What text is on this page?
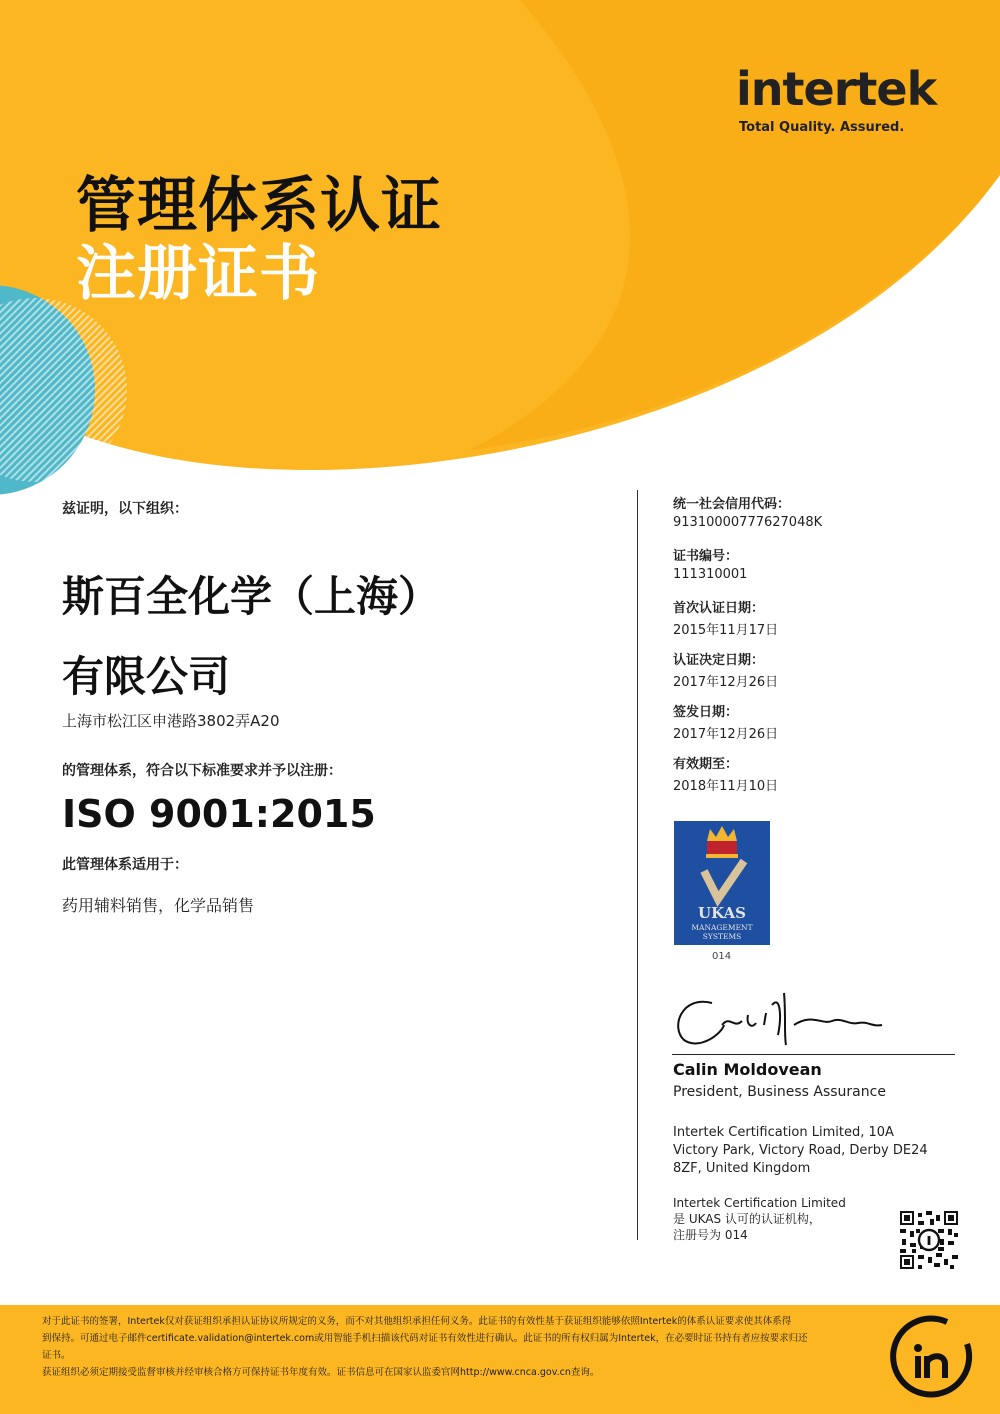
intertek
Total Quality. Assured.
管理体系认证
注册证书
兹证明，以下组织：
斯百全化学（上海）
有限公司
上海市松江区申港路3802弄A20
的管理体系，符合以下标准要求并予以注册：
ISO 9001:2015
此管理体系适用于：
药用辅料销售，化学品销售
统一社会信用代码：
91310000777627048K
证书编号：
111310001
首次认证日期：
2015年11月17日
认证决定日期：
2017年12月26日
签发日期：
2017年12月26日
有效期至：
2018年11月10日
UKAS
MANAGEMENT
SYSTEMS
014
Calin Moldovean
President, Business Assurance
Intertek Certification Limited, 10A Victory Park, Victory Road, Derby DE24 8ZF, United Kingdom
Intertek Certification Limited
是 UKAS 认可的认证机构，
注册号为 014
对于此证书的签署，Intertek仅对获证组织承担认证协议所规定的义务，而不对其他组织承担任何义务。此证书的有效性基于获证组织能够依照Intertek的体系认证要求使其体系得
到保持。可通过电子邮件certificate.validation@intertek.com或用智能手机扫描该代码对证书有效性进行确认。此证书的所有权归属为Intertek，在必要时证书持有者应按要求归还
证书。
获证组织必须定期接受监督审核并经审核合格方可保持证书年度有效。证书信息可在国家认监委官网http://www.cnca.gov.cn查询。
